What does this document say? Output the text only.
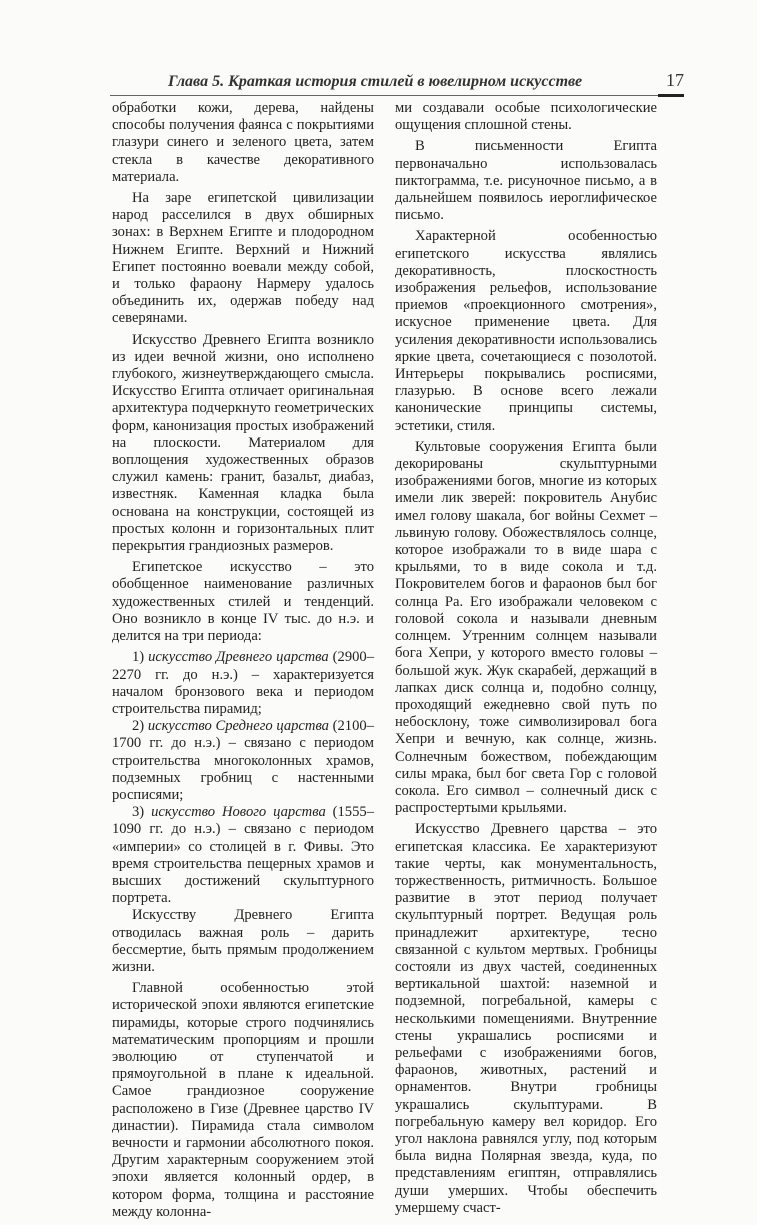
Глава 5. Краткая история стилей в ювелирном искусстве	17

обработки кожи, дерева, найдены способы получения фаянса с покрытиями глазури синего и зеленого цвета, затем стекла в качестве декоративного материала.

На заре египетской цивилизации народ расселился в двух обширных зонах: в Верхнем Египте и плодородном Нижнем Египте. Верхний и Нижний Египет постоянно воевали между собой, и только фараону Нармеру удалось объединить их, одержав победу над северянами.

Искусство Древнего Египта возникло из идеи вечной жизни, оно исполнено глубокого, жизнеутверждающего смысла. Искусство Египта отличает оригинальная архитектура подчеркнуто геометрических форм, канонизация простых изображений на плоскости. Материалом для воплощения художественных образов служил камень: гранит, базальт, диабаз, известняк. Каменная кладка была основана на конструкции, состоящей из простых колонн и горизонтальных плит перекрытия грандиозных размеров.

Египетское искусство – это обобщенное наименование различных художественных стилей и тенденций. Оно возникло в конце IV тыс. до н.э. и делится на три периода:

1) искусство Древнего царства (2900–2270 гг. до н.э.) – характеризуется началом бронзового века и периодом строительства пирамид;

2) искусство Среднего царства (2100–1700 гг. до н.э.) – связано с периодом строительства многоколонных храмов, подземных гробниц с настенными росписями;

3) искусство Нового царства (1555–1090 гг. до н.э.) – связано с периодом «империи» со столицей в г. Фивы. Это время строительства пещерных храмов и высших достижений скульптурного портрета.

Искусству Древнего Египта отводилась важная роль – дарить бессмертие, быть прямым продолжением жизни.

Главной особенностью этой исторической эпохи являются египетские пирамиды, которые строго подчинялись математическим пропорциям и прошли эволюцию от ступенчатой и прямоугольной в плане к идеальной. Самое грандиозное сооружение расположено в Гизе (Древнее царство IV династии). Пирамида стала символом вечности и гармонии абсолютного покоя. Другим характерным сооружением этой эпохи является колонный ордер, в котором форма, толщина и расстояние между колонна-

ми создавали особые психологические ощущения сплошной стены.

В письменности Египта первоначально использовалась пиктограмма, т.е. рисуночное письмо, а в дальнейшем появилось иероглифическое письмо.

Характерной особенностью египетского искусства являлись декоративность, плоскостность изображения рельефов, использование приемов «проекционного смотрения», искусное применение цвета. Для усиления декоративности использовались яркие цвета, сочетающиеся с позолотой. Интерьеры покрывались росписями, глазурью. В основе всего лежали канонические принципы системы, эстетики, стиля.

Культовые сооружения Египта были декорированы скульптурными изображениями богов, многие из которых имели лик зверей: покровитель Анубис имел голову шакала, бог войны Сехмет – львиную голову. Обожествлялось солнце, которое изображали то в виде шара с крыльями, то в виде сокола и т.д. Покровителем богов и фараонов был бог солнца Ра. Его изображали человеком с головой сокола и называли дневным солнцем. Утренним солнцем называли бога Хепри, у которого вместо головы – большой жук. Жук скарабей, держащий в лапках диск солнца и, подобно солнцу, проходящий ежедневно свой путь по небосклону, тоже символизировал бога Хепри и вечную, как солнце, жизнь. Солнечным божеством, побеждающим силы мрака, был бог света Гор с головой сокола. Его символ – солнечный диск с распростертыми крыльями.

Искусство Древнего царства – это египетская классика. Ее характеризуют такие черты, как монументальность, торжественность, ритмичность. Большое развитие в этот период получает скульптурный портрет. Ведущая роль принадлежит архитектуре, тесно связанной с культом мертвых. Гробницы состояли из двух частей, соединенных вертикальной шахтой: наземной и подземной, погребальной, камеры с несколькими помещениями. Внутренние стены украшались росписями и рельефами с изображениями богов, фараонов, животных, растений и орнаментов. Внутри гробницы украшались скульптурами. В погребальную камеру вел коридор. Его угол наклона равнялся углу, под которым была видна Полярная звезда, куда, по представлениям египтян, отправлялись души умерших. Чтобы обеспечить умершему счаст-
